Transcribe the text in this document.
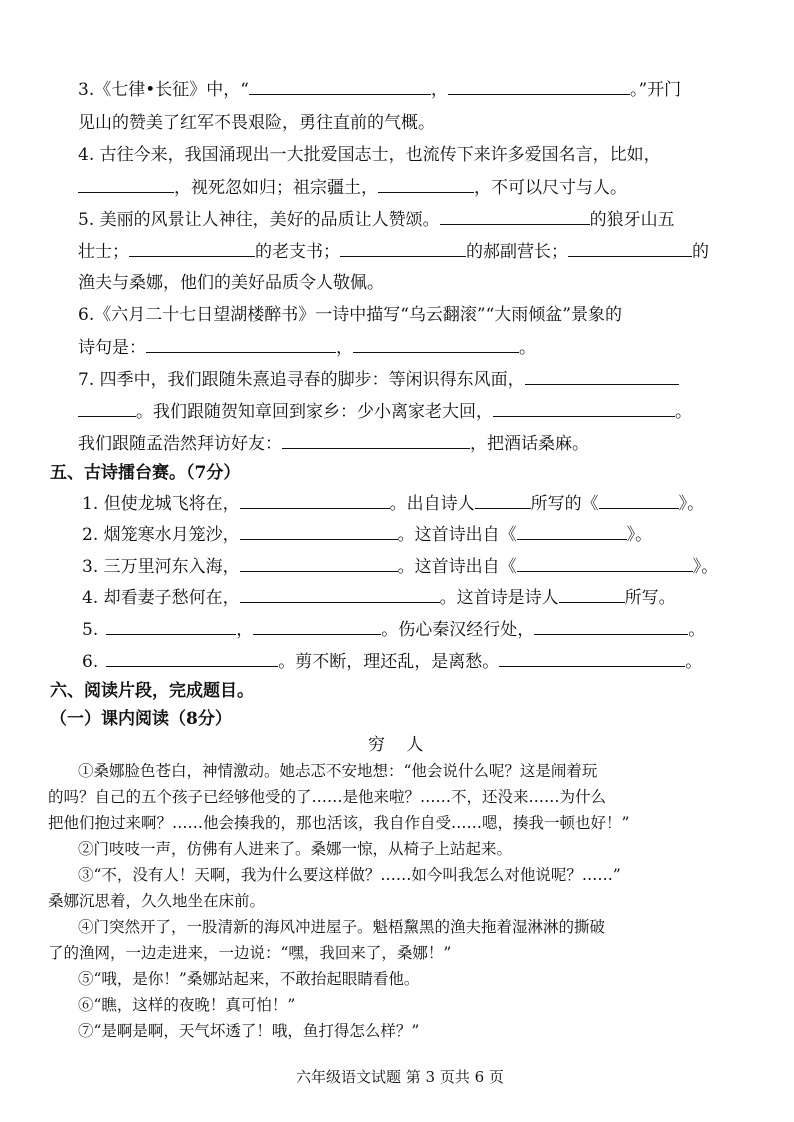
3.《七律•长征》中，“	，	。”开门
见山的赞美了红军不畏艰险，勇往直前的气概。
4. 古往今来，我国涌现出一大批爱国志士，也流传下来许多爱国名言，比如，
，视死忽如归；祖宗疆土，	，不可以尺寸与人。
5. 美丽的风景让人神往，美好的品质让人赞颂。	的狼牙山五
壮士；	的老支书；	的郝副营长；	的
渔夫与桑娜，他们的美好品质令人敬佩。
6.《六月二十七日望湖楼醉书》一诗中描写“乌云翻滚”“大雨倾盆”景象的
诗句是：	，	。
7. 四季中，我们跟随朱熹追寻春的脚步：等闲识得东风面，
。我们跟随贺知章回到家乡：少小离家老大回，	。
我们跟随孟浩然拜访好友：	，把酒话桑麻。
五、古诗擂台赛。（7分）
1. 但使龙城飞将在，	。出自诗人	所写的《	》。
2. 烟笼寒水月笼沙，	。这首诗出自《	》。
3. 三万里河东入海，	。这首诗出自《	》。
4. 却看妻子愁何在，	。这首诗是诗人	所写。
5.	，	。伤心秦汉经行处，	。
6.	。剪不断，理还乱，是离愁。	。
六、阅读片段，完成题目。
（一）课内阅读（8分）
穷 人
①桑娜脸色苍白，神情激动。她忐忑不安地想：“他会说什么呢？这是闹着玩
的吗？自己的五个孩子已经够他受的了……是他来啦？……不，还没来……为什么
把他们抱过来啊？……他会揍我的，那也活该，我自作自受……嗯，揍我一顿也好！”
②门吱吱一声，仿佛有人进来了。桑娜一惊，从椅子上站起来。
③“不，没有人！天啊，我为什么要这样做？……如今叫我怎么对他说呢？……”
桑娜沉思着，久久地坐在床前。
④门突然开了，一股清新的海风冲进屋子。魁梧黧黑的渔夫拖着湿淋淋的撕破
了的渔网，一边走进来，一边说：“嘿，我回来了，桑娜！”
⑤“哦，是你！”桑娜站起来，不敢抬起眼睛看他。
⑥“瞧，这样的夜晚！真可怕！”
⑦“是啊是啊，天气坏透了！哦，鱼打得怎么样？”
六年级语文试题 第 3 页共 6 页
